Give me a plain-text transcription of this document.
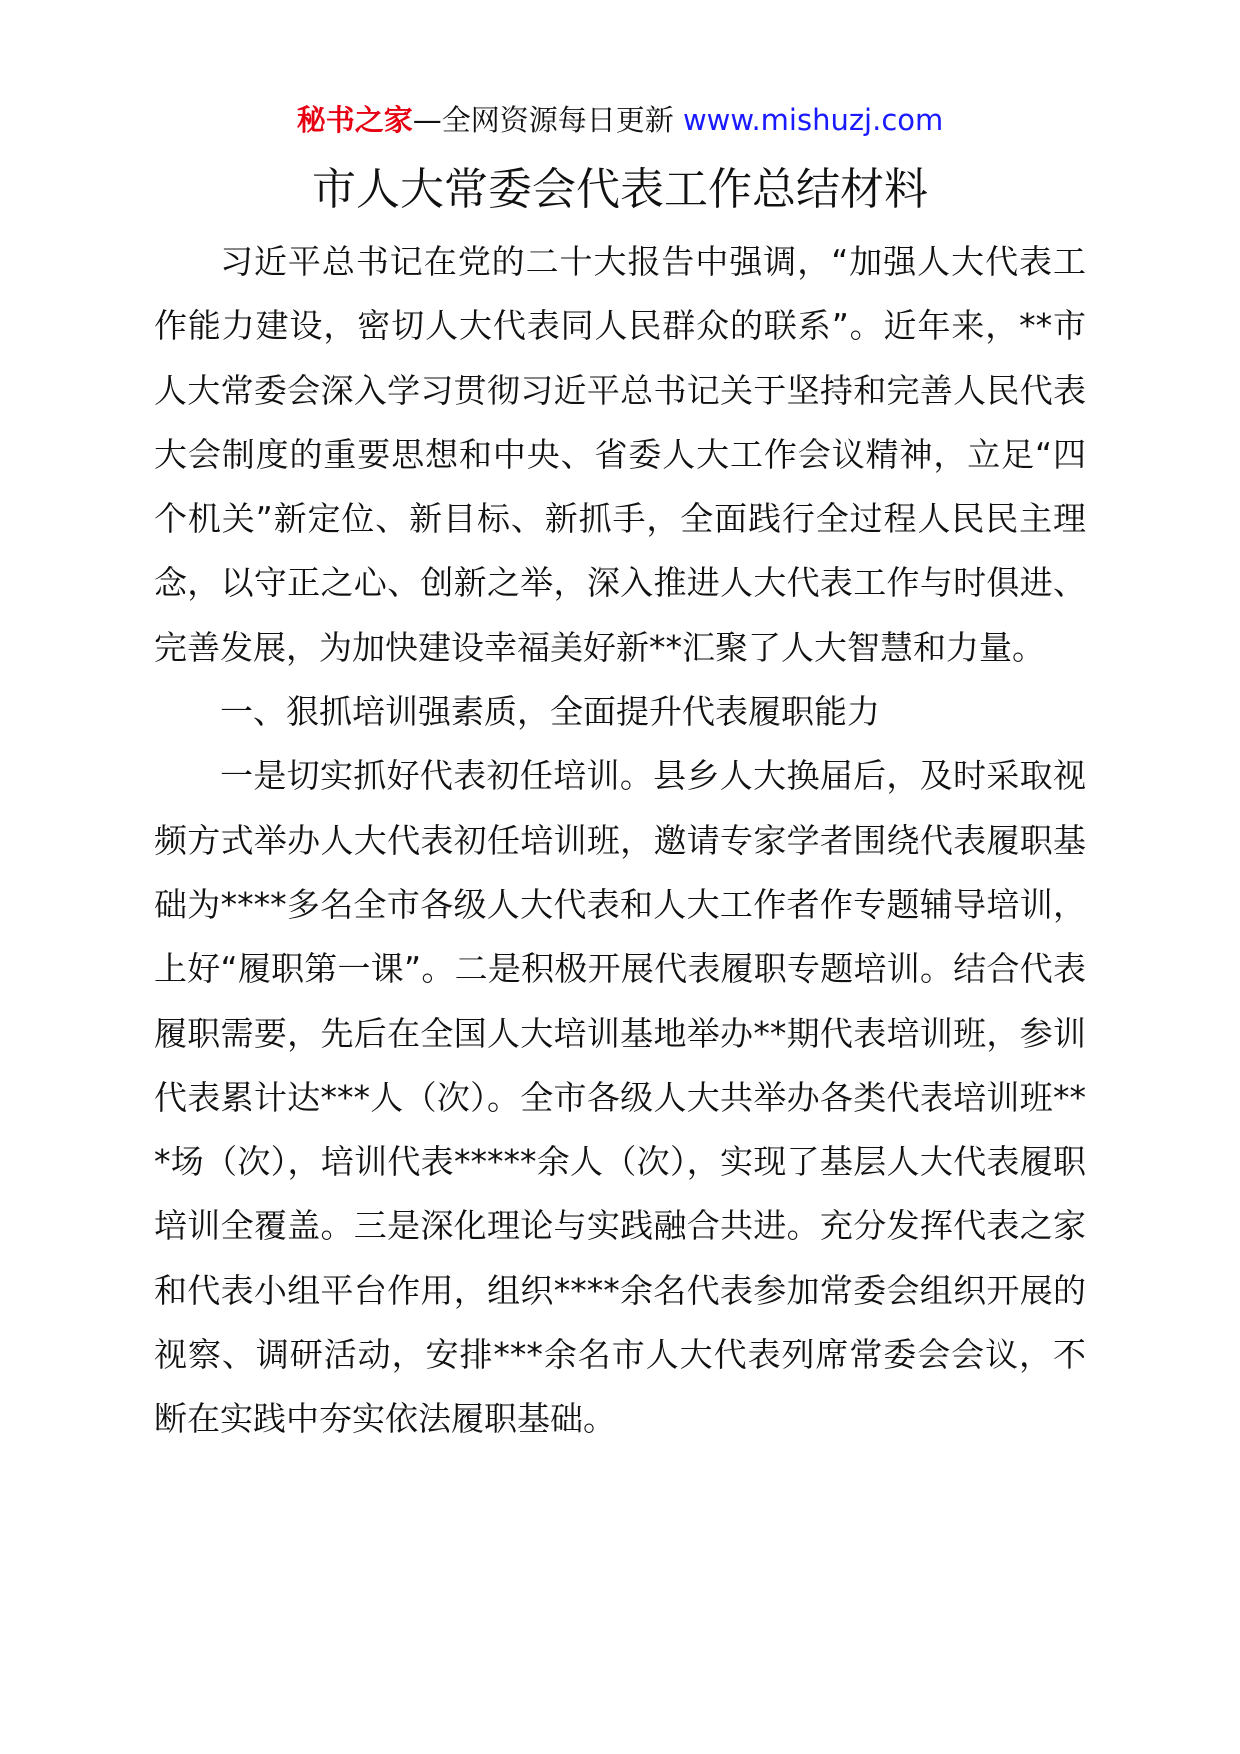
秘书之家—全网资源每日更新 www.mishuzj.com
市人大常委会代表工作总结材料

习近平总书记在党的二十大报告中强调，“加强人大代表工作能力建设，密切人大代表同人民群众的联系”。近年来，**市人大常委会深入学习贯彻习近平总书记关于坚持和完善人民代表大会制度的重要思想和中央、省委人大工作会议精神，立足“四个机关”新定位、新目标、新抓手，全面践行全过程人民民主理念，以守正之心、创新之举，深入推进人大代表工作与时俱进、完善发展，为加快建设幸福美好新**汇聚了人大智慧和力量。

一、狠抓培训强素质，全面提升代表履职能力

一是切实抓好代表初任培训。县乡人大换届后，及时采取视频方式举办人大代表初任培训班，邀请专家学者围绕代表履职基础为****多名全市各级人大代表和人大工作者作专题辅导培训，上好“履职第一课”。二是积极开展代表履职专题培训。结合代表履职需要，先后在全国人大培训基地举办**期代表培训班，参训代表累计达***人（次）。全市各级人大共举办各类代表培训班***场（次），培训代表*****余人（次），实现了基层人大代表履职培训全覆盖。三是深化理论与实践融合共进。充分发挥代表之家和代表小组平台作用，组织****余名代表参加常委会组织开展的视察、调研活动，安排***余名市人大代表列席常委会会议，不断在实践中夯实依法履职基础。
